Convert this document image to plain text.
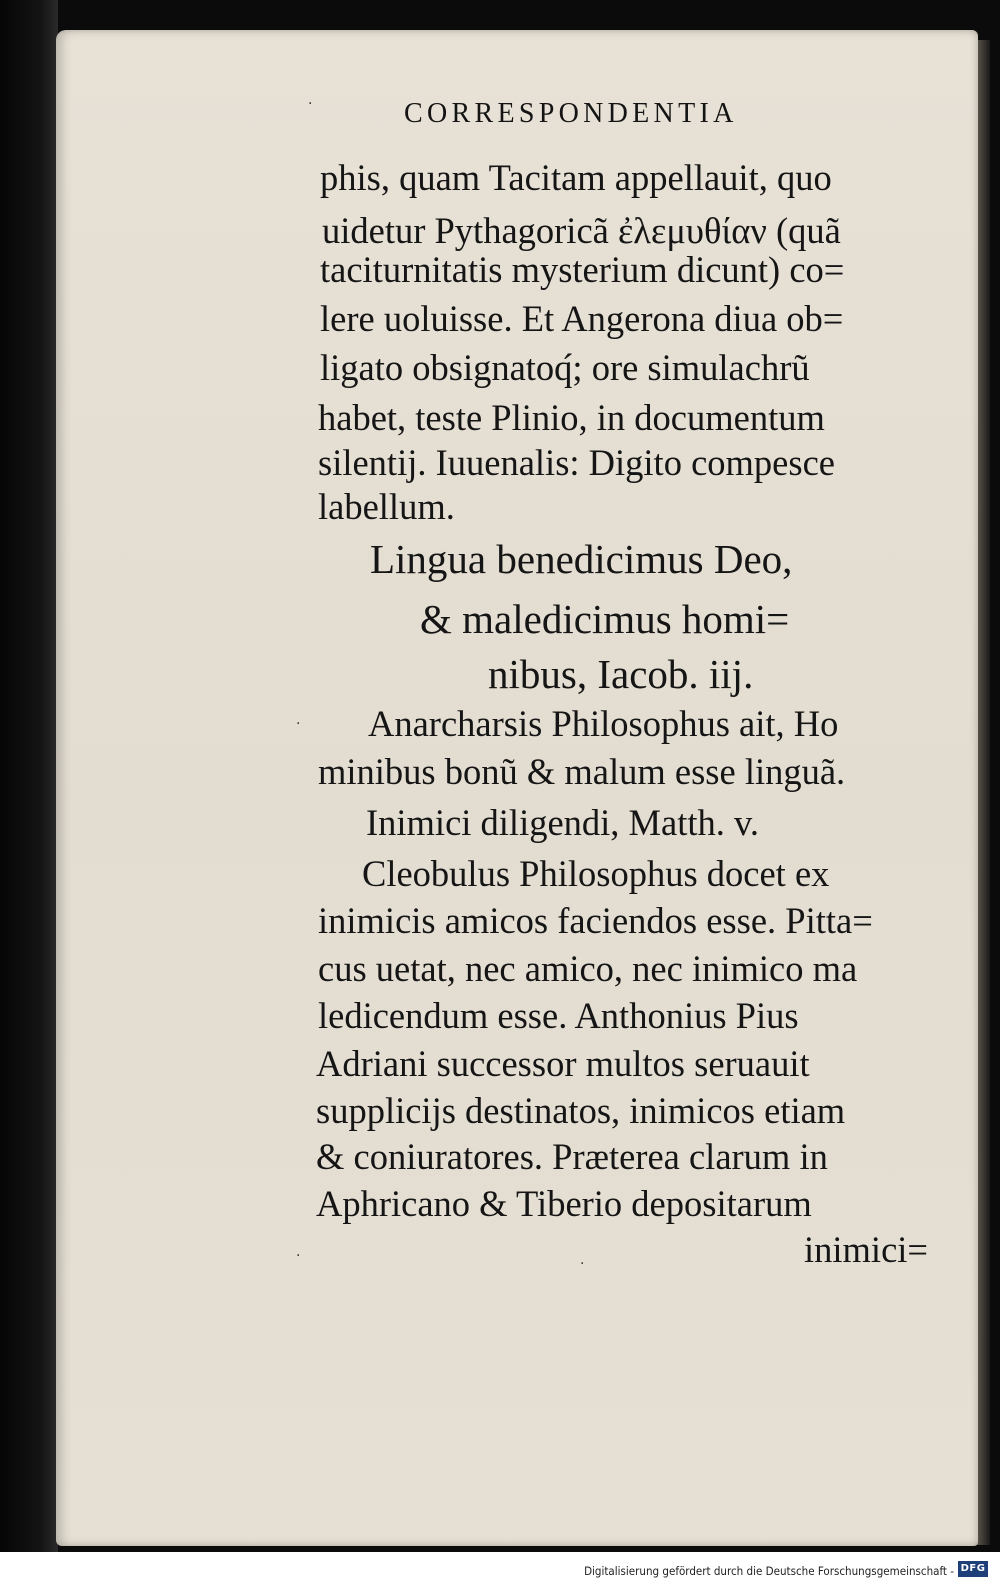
·	CORRESPONDENTIA
phis, quam Tacitam appellauit, quo
uidetur Pythagoricã ἐλεμυθίαν (quã
taciturnitatis mysterium dicunt) co=
lere uoluisse. Et Angerona diua ob=
ligato obsignatoq́; ore simulachrũ
habet, teste Plinio, in documentum
silentij. Iuuenalis: Digito compesce
labellum.
Lingua benedicimus Deo,
& maledicimus homi=
nibus, Iacob. iij.
Anarcharsis Philosophus ait, Ho
minibus bonũ & malum esse linguã.
Inimici diligendi, Matth. v.
Cleobulus Philosophus docet ex
inimicis amicos faciendos esse. Pitta=
cus uetat, nec amico, nec inimico ma
ledicendum esse. Anthonius Pius
Adriani successor multos seruauit
supplicijs destinatos, inimicos etiam
& coniuratores. Præterea clarum in
Aphricano & Tiberio depositarum
inimici=
·
·
·
Digitalisierung gefördert durch die Deutsche Forschungsgemeinschaft - DFG
